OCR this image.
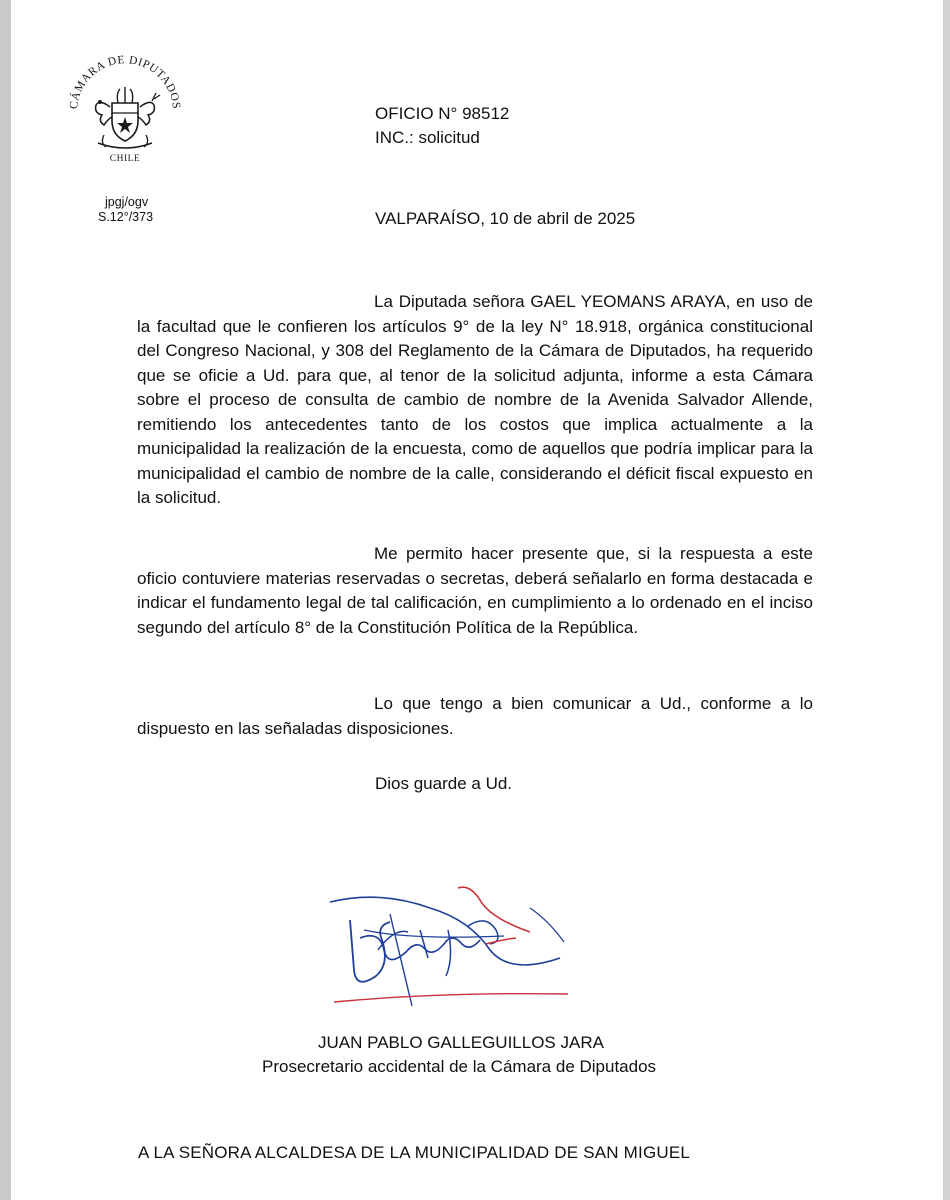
CÁMARA DE DIPUTADOS
CHILE
jpgj/ogv
S.12°/373
OFICIO N° 98512
INC.: solicitud
VALPARAÍSO, 10 de abril de 2025

La Diputada señora GAEL YEOMANS ARAYA, en uso de la facultad que le confieren los artículos 9° de la ley N° 18.918, orgánica constitucional del Congreso Nacional, y 308 del Reglamento de la Cámara de Diputados, ha requerido que se oficie a Ud. para que, al tenor de la solicitud adjunta, informe a esta Cámara sobre el proceso de consulta de cambio de nombre de la Avenida Salvador Allende, remitiendo los antecedentes tanto de los costos que implica actualmente a la municipalidad la realización de la encuesta, como de aquellos que podría implicar para la municipalidad el cambio de nombre de la calle, considerando el déficit fiscal expuesto en la solicitud.

Me permito hacer presente que, si la respuesta a este oficio contuviere materias reservadas o secretas, deberá señalarlo en forma destacada e indicar el fundamento legal de tal calificación, en cumplimiento a lo ordenado en el inciso segundo del artículo 8° de la Constitución Política de la República.

Lo que tengo a bien comunicar a Ud., conforme a lo dispuesto en las señaladas disposiciones.

Dios guarde a Ud.
JUAN PABLO GALLEGUILLOS JARA
Prosecretario accidental de la Cámara de Diputados
A LA SEÑORA ALCALDESA DE LA MUNICIPALIDAD DE SAN MIGUEL
